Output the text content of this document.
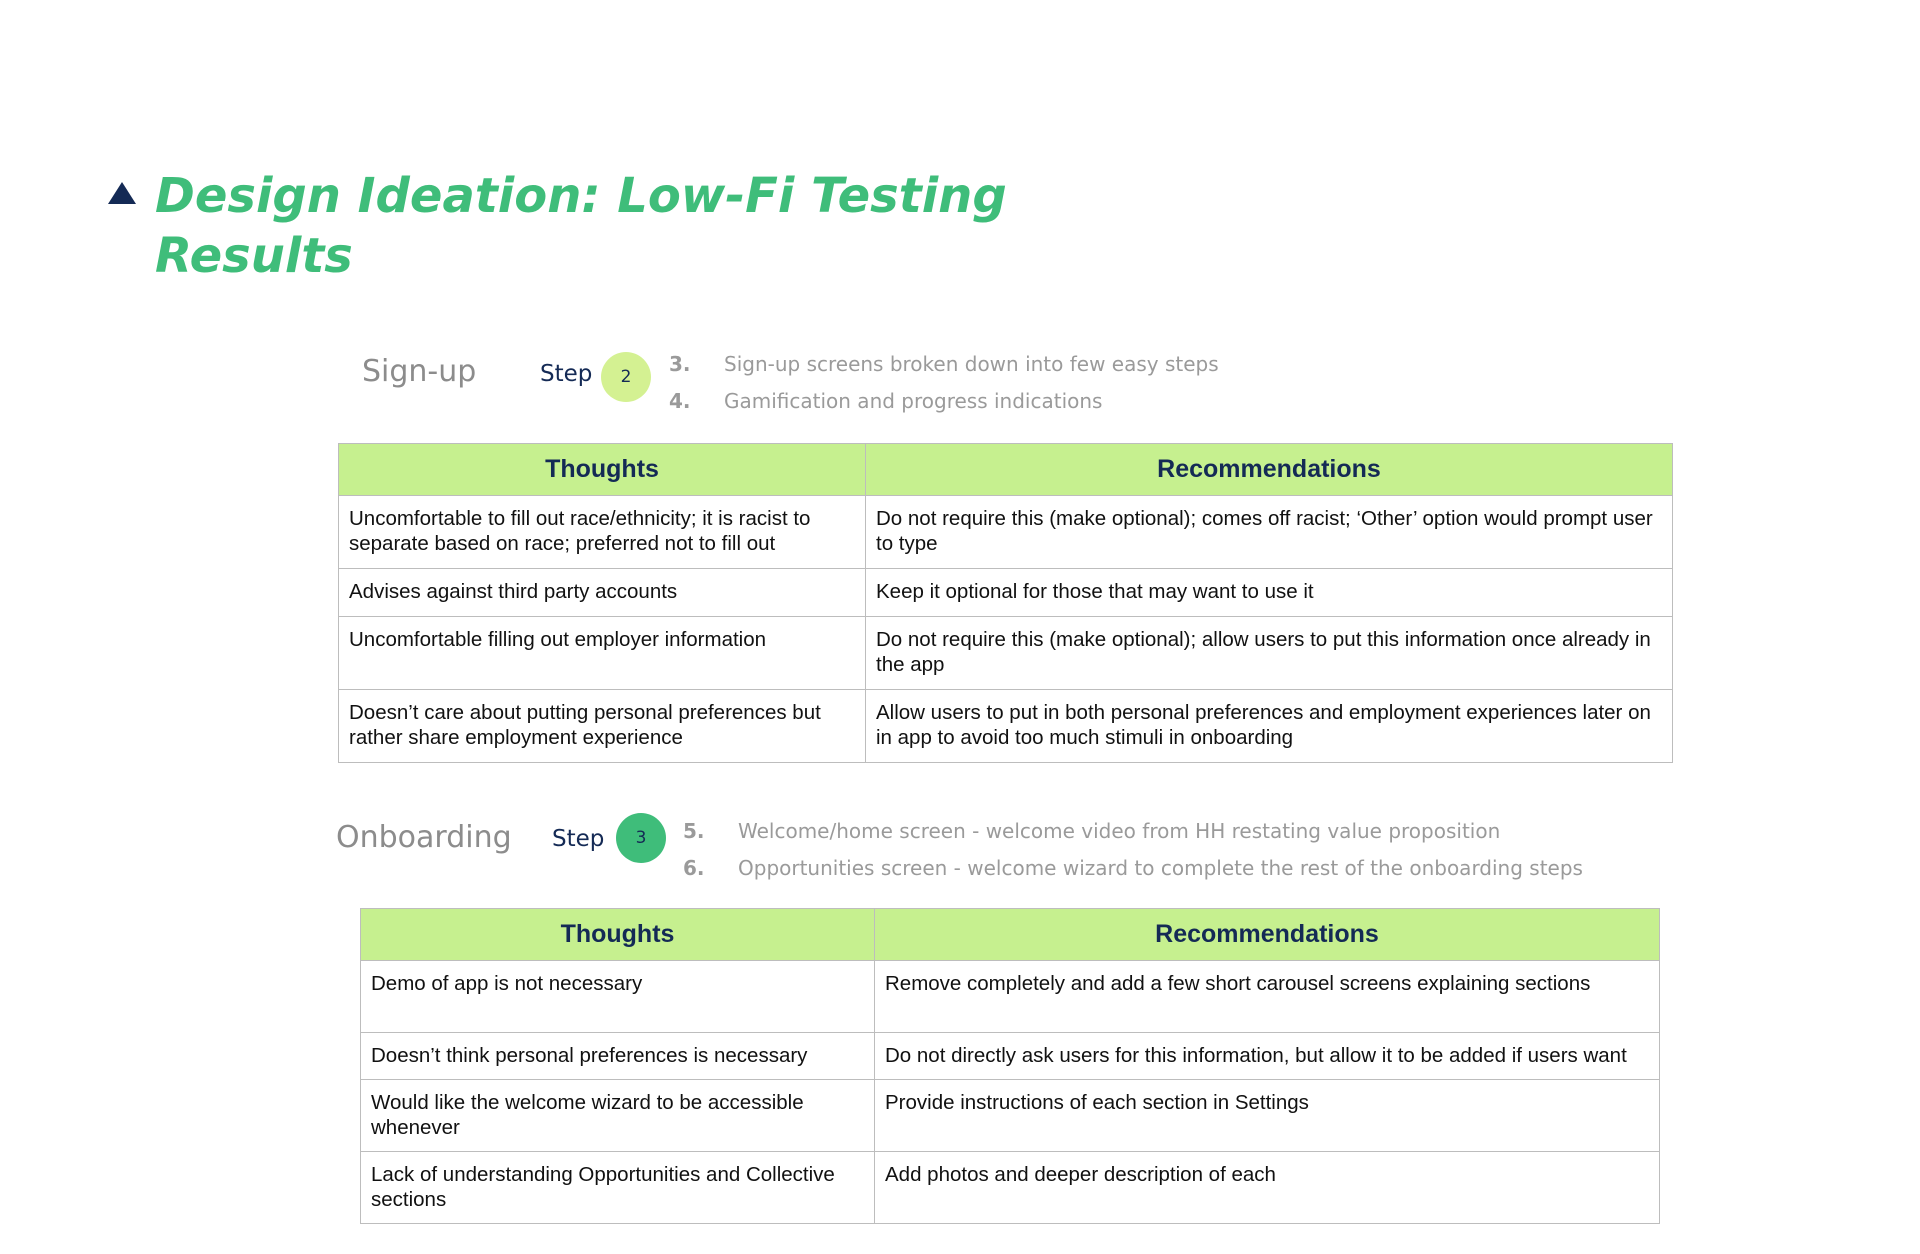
Design Ideation: Low-Fi Testing
Results
Sign-up	Step 2
3.	Sign-up screens broken down into few easy steps
4.	Gamification and progress indications
Thoughts	Recommendations
Uncomfortable to fill out race/ethnicity; it is racist to separate based on race; preferred not to fill out	Do not require this (make optional); comes off racist; ‘Other’ option would prompt user to type
Advises against third party accounts	Keep it optional for those that may want to use it
Uncomfortable filling out employer information	Do not require this (make optional); allow users to put this information once already in the app
Doesn’t care about putting personal preferences but rather share employment experience	Allow users to put in both personal preferences and employment experiences later on in app to avoid too much stimuli in onboarding
Onboarding Step 3 5.	Welcome/home screen - welcome video from HH restating value proposition
6.	Opportunities screen - welcome wizard to complete the rest of the onboarding steps
Thoughts	Recommendations
Demo of app is not necessary	Remove completely and add a few short carousel screens explaining sections
Doesn’t think personal preferences is necessary	Do not directly ask users for this information, but allow it to be added if users want
Would like the welcome wizard to be accessible whenever	Provide instructions of each section in Settings
Lack of understanding Opportunities and Collective sections	Add photos and deeper description of each
